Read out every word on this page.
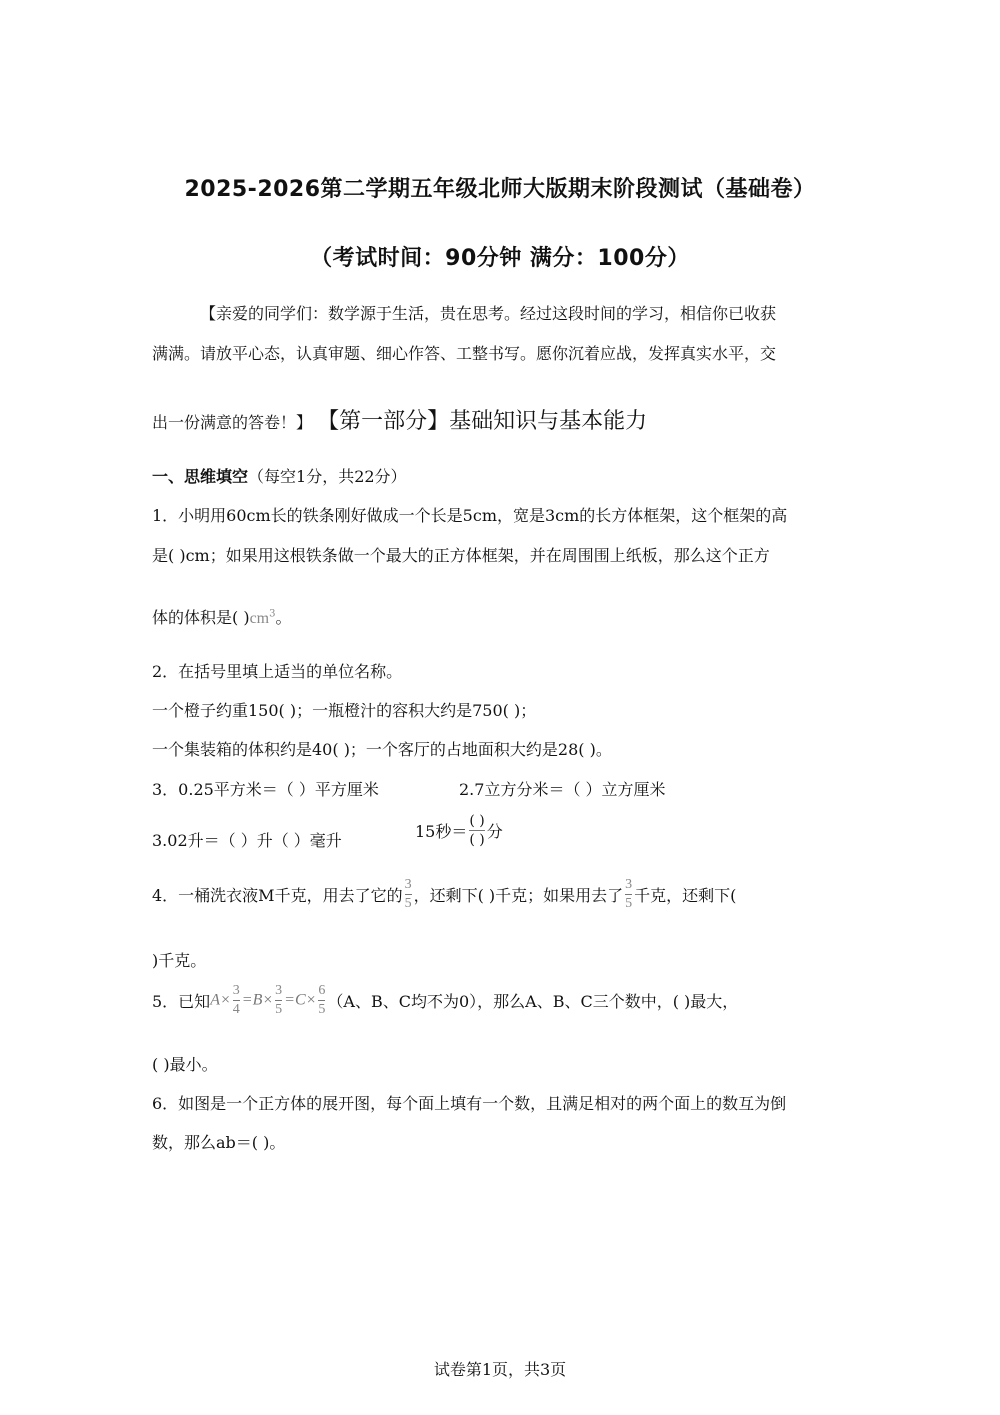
2025-2026第二学期五年级北师大版期末阶段测试（基础卷）
（考试时间：90分钟 满分：100分）
【亲爱的同学们：数学源于生活，贵在思考。经过这段时间的学习，相信你已收获
满满。请放平心态，认真审题、细心作答、工整书写。愿你沉着应战，发挥真实水平，交
出一份满意的答卷！】 【第一部分】基础知识与基本能力
一、思维填空（每空1分，共22分）
1．小明用60cm长的铁条刚好做成一个长是5cm，宽是3cm的长方体框架，这个框架的高
是( )cm；如果用这根铁条做一个最大的正方体框架，并在周围围上纸板，那么这个正方
体的体积是( )$cm^3$。
2．在括号里填上适当的单位名称。
一个橙子约重150( )；一瓶橙汁的容积大约是750( )；
一个集装箱的体积约是40( )；一个客厅的占地面积大约是28( )。
3．0.25平方米＝（ ）平方厘米	2.7立方分米＝（ ）立方厘米
3.02升＝（ ）升（ ）毫升	15秒＝ $\frac{( )}{( )}$ 分
4．一桶洗衣液M千克，用去了它的 $\frac{3}{5}$ ，还剩下( )千克；如果用去了 $\frac{3}{5}$ 千克，还剩下(
)千克。
5．已知$A\times \frac{3}{4} =B\times \frac{3}{5} =C\times \frac{6}{5} (A$、B、C均不为0），那么A、B、C三个数中，( )最大，
( )最小。
6．如图是一个正方体的展开图，每个面上填有一个数，且满足相对的两个面上的数互为倒
数，那么ab＝( )。
试卷第1页，共3页
